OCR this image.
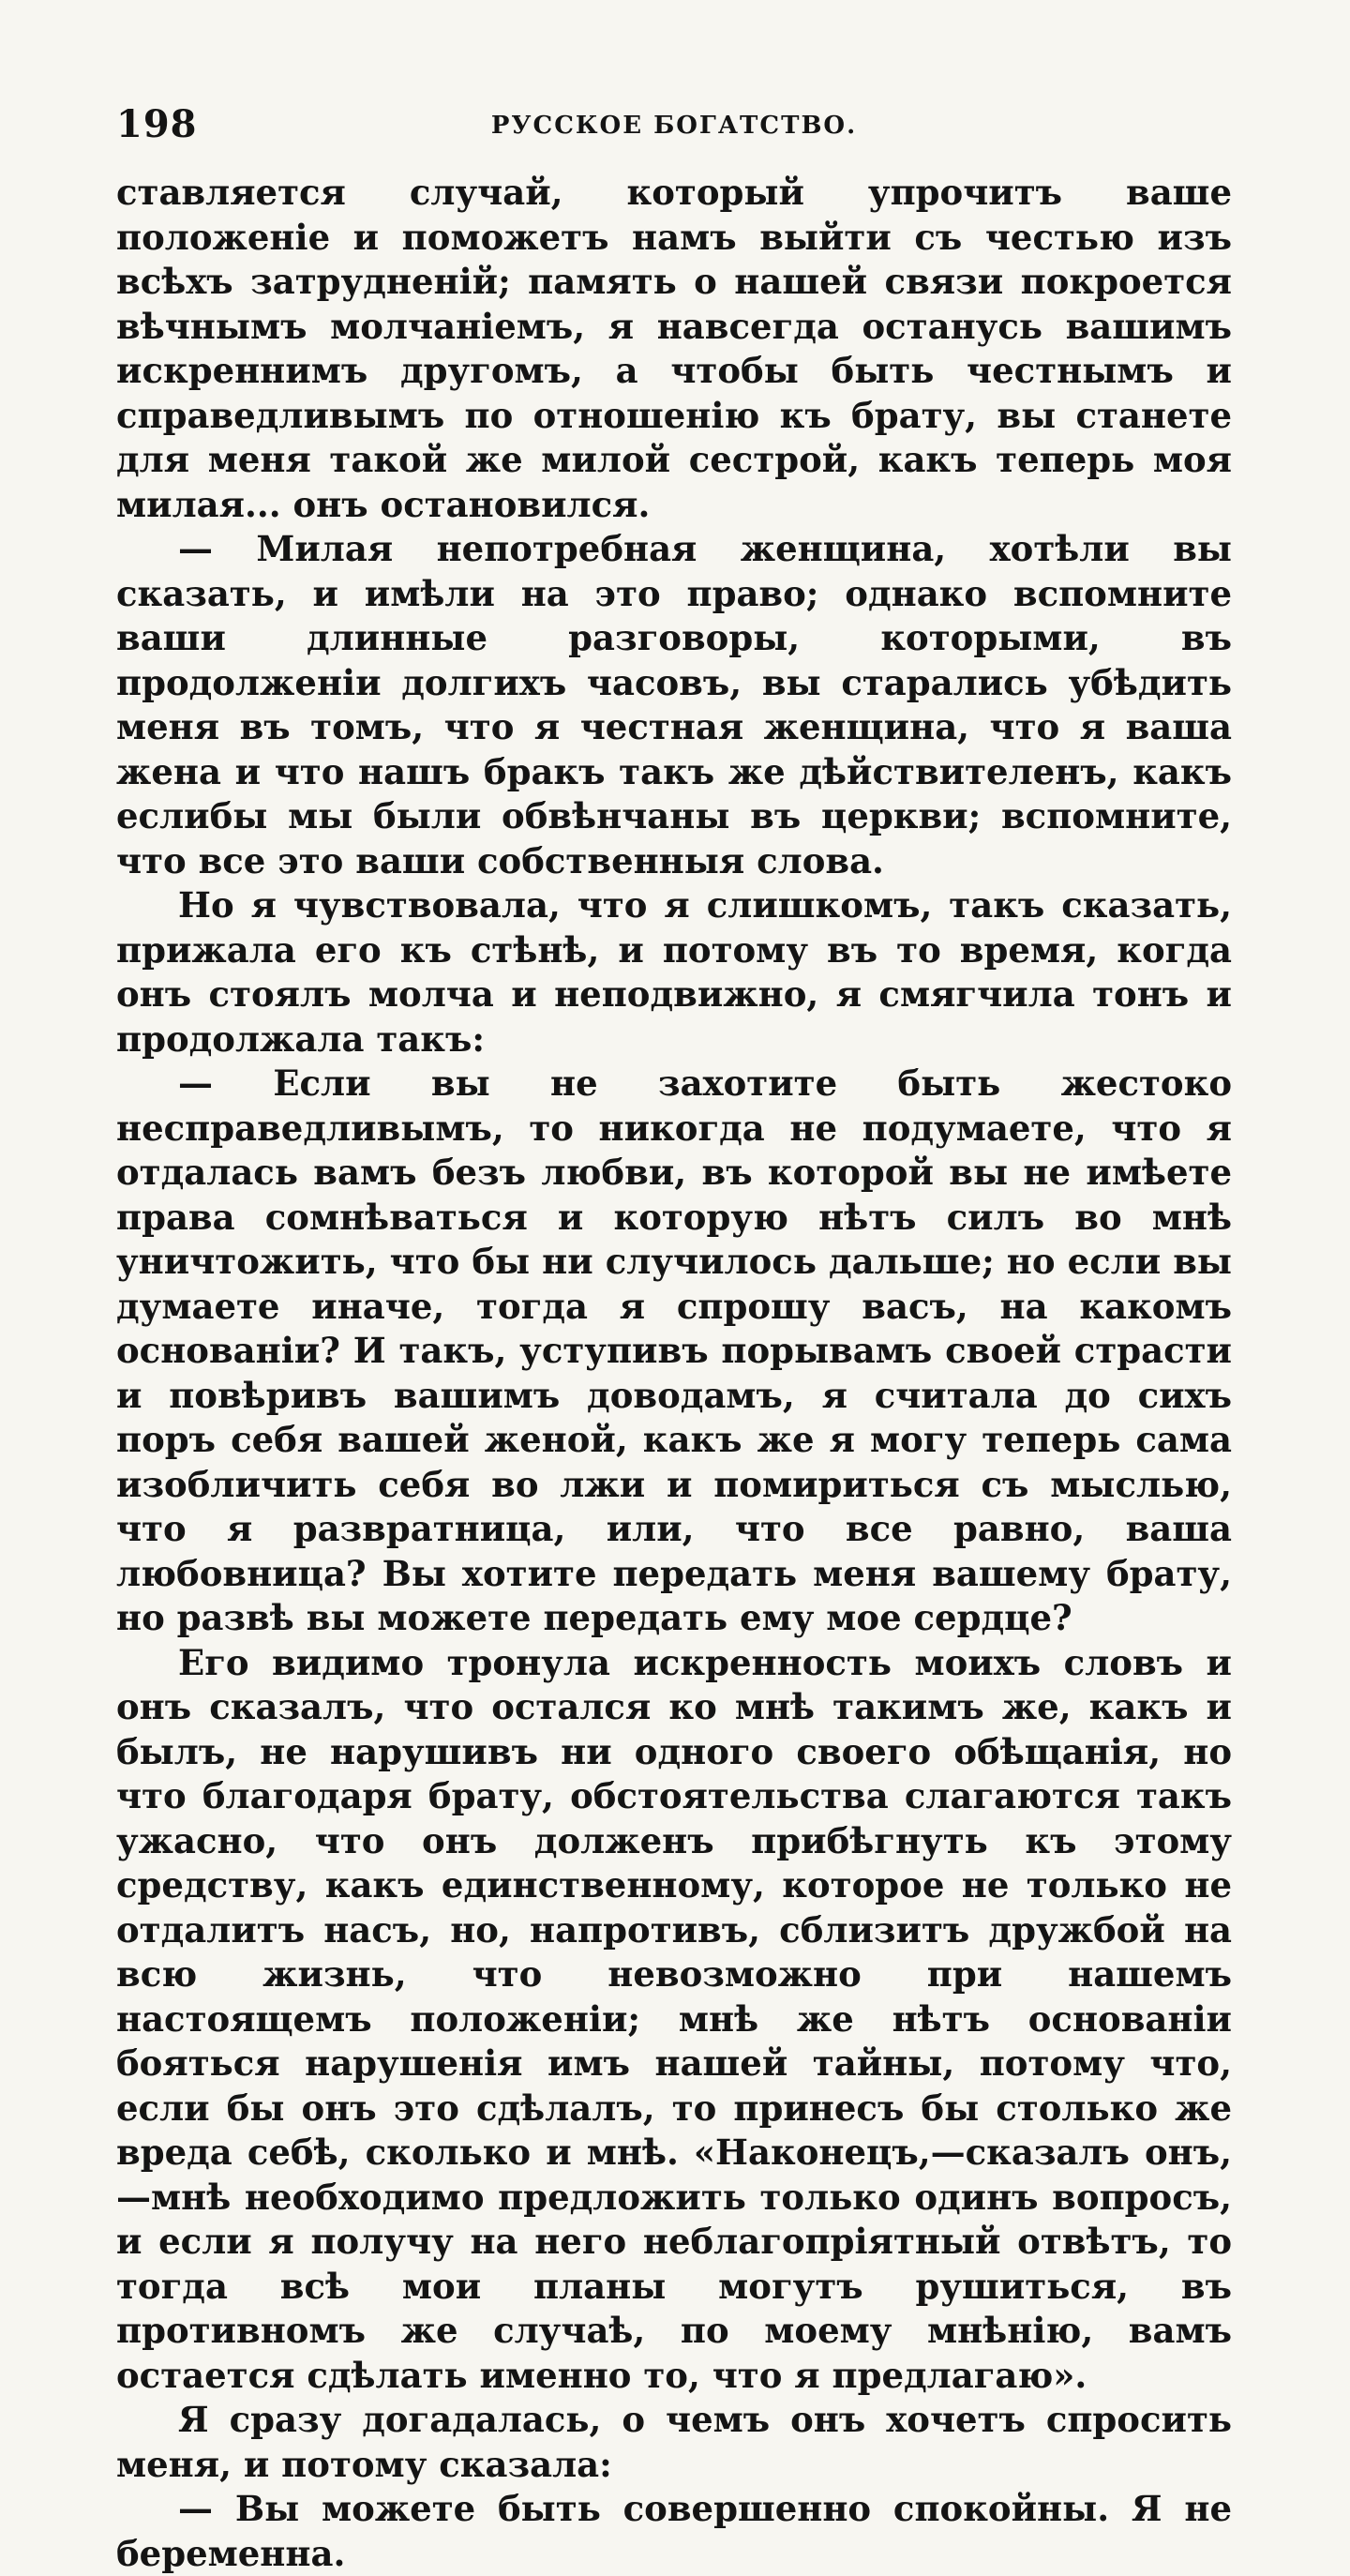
198	РУССКОЕ БОГАТСТВО.

ставляется случай, который упрочитъ ваше положенiе и поможетъ намъ выйти съ честью изъ всѣхъ затрудненiй; память о нашей связи покроется вѣчнымъ молчанiемъ, я навсегда останусь вашимъ искреннимъ другомъ, а чтобы быть честнымъ и справедливымъ по отношенiю къ брату, вы станете для меня такой же милой сестрой, какъ теперь моя милая... онъ остановился.

— Милая непотребная женщина, хотѣли вы сказать, и имѣли на это право; однако вспомните ваши длинные разговоры, которыми, въ продолженiи долгихъ часовъ, вы старались убѣдить меня въ томъ, что я честная женщина, что я ваша жена и что нашъ бракъ такъ же дѣйствителенъ, какъ еслибы мы были обвѣнчаны въ церкви; вспомните, что все это ваши собственныя слова.

Но я чувствовала, что я слишкомъ, такъ сказать, прижала его къ стѣнѣ, и потому въ то время, когда онъ стоялъ молча и неподвижно, я смягчила тонъ и продолжала такъ:

— Если вы не захотите быть жестоко несправедливымъ, то никогда не подумаете, что я отдалась вамъ безъ любви, въ которой вы не имѣете права сомнѣваться и которую нѣтъ силъ во мнѣ уничтожить, что бы ни случилось дальше; но если вы думаете иначе, тогда я спрошу васъ, на какомъ основанiи? И такъ, уступивъ порывамъ своей страсти и повѣривъ вашимъ доводамъ, я считала до сихъ поръ себя вашей женой, какъ же я могу теперь сама изобличить себя во лжи и помириться съ мыслью, что я развратница, или, что все равно, ваша любовница? Вы хотите передать меня вашему брату, но развѣ вы можете передать ему мое сердце?

Его видимо тронула искренность моихъ словъ и онъ сказалъ, что остался ко мнѣ такимъ же, какъ и былъ, не нарушивъ ни одного своего обѣщанiя, но что благодаря брату, обстоятельства слагаются такъ ужасно, что онъ долженъ прибѣгнуть къ этому средству, какъ единственному, которое не только не отдалитъ насъ, но, напротивъ, сблизитъ дружбой на всю жизнь, что невозможно при нашемъ настоящемъ положенiи; мнѣ же нѣтъ основанiи бояться нарушенiя имъ нашей тайны, потому что, если бы онъ это сдѣлалъ, то принесъ бы столько же вреда себѣ, сколько и мнѣ. «Наконецъ,—сказалъ онъ,—мнѣ необходимо предложить только одинъ вопросъ, и если я получу на него неблагопрiятный отвѣтъ, то тогда всѣ мои планы могутъ рушиться, въ противномъ же случаѣ, по моему мнѣнiю, вамъ остается сдѣлать именно то, что я предлагаю».

Я сразу догадалась, о чемъ онъ хочетъ спросить меня, и потому сказала:

— Вы можете быть совершенно спокойны. Я не беременна.
